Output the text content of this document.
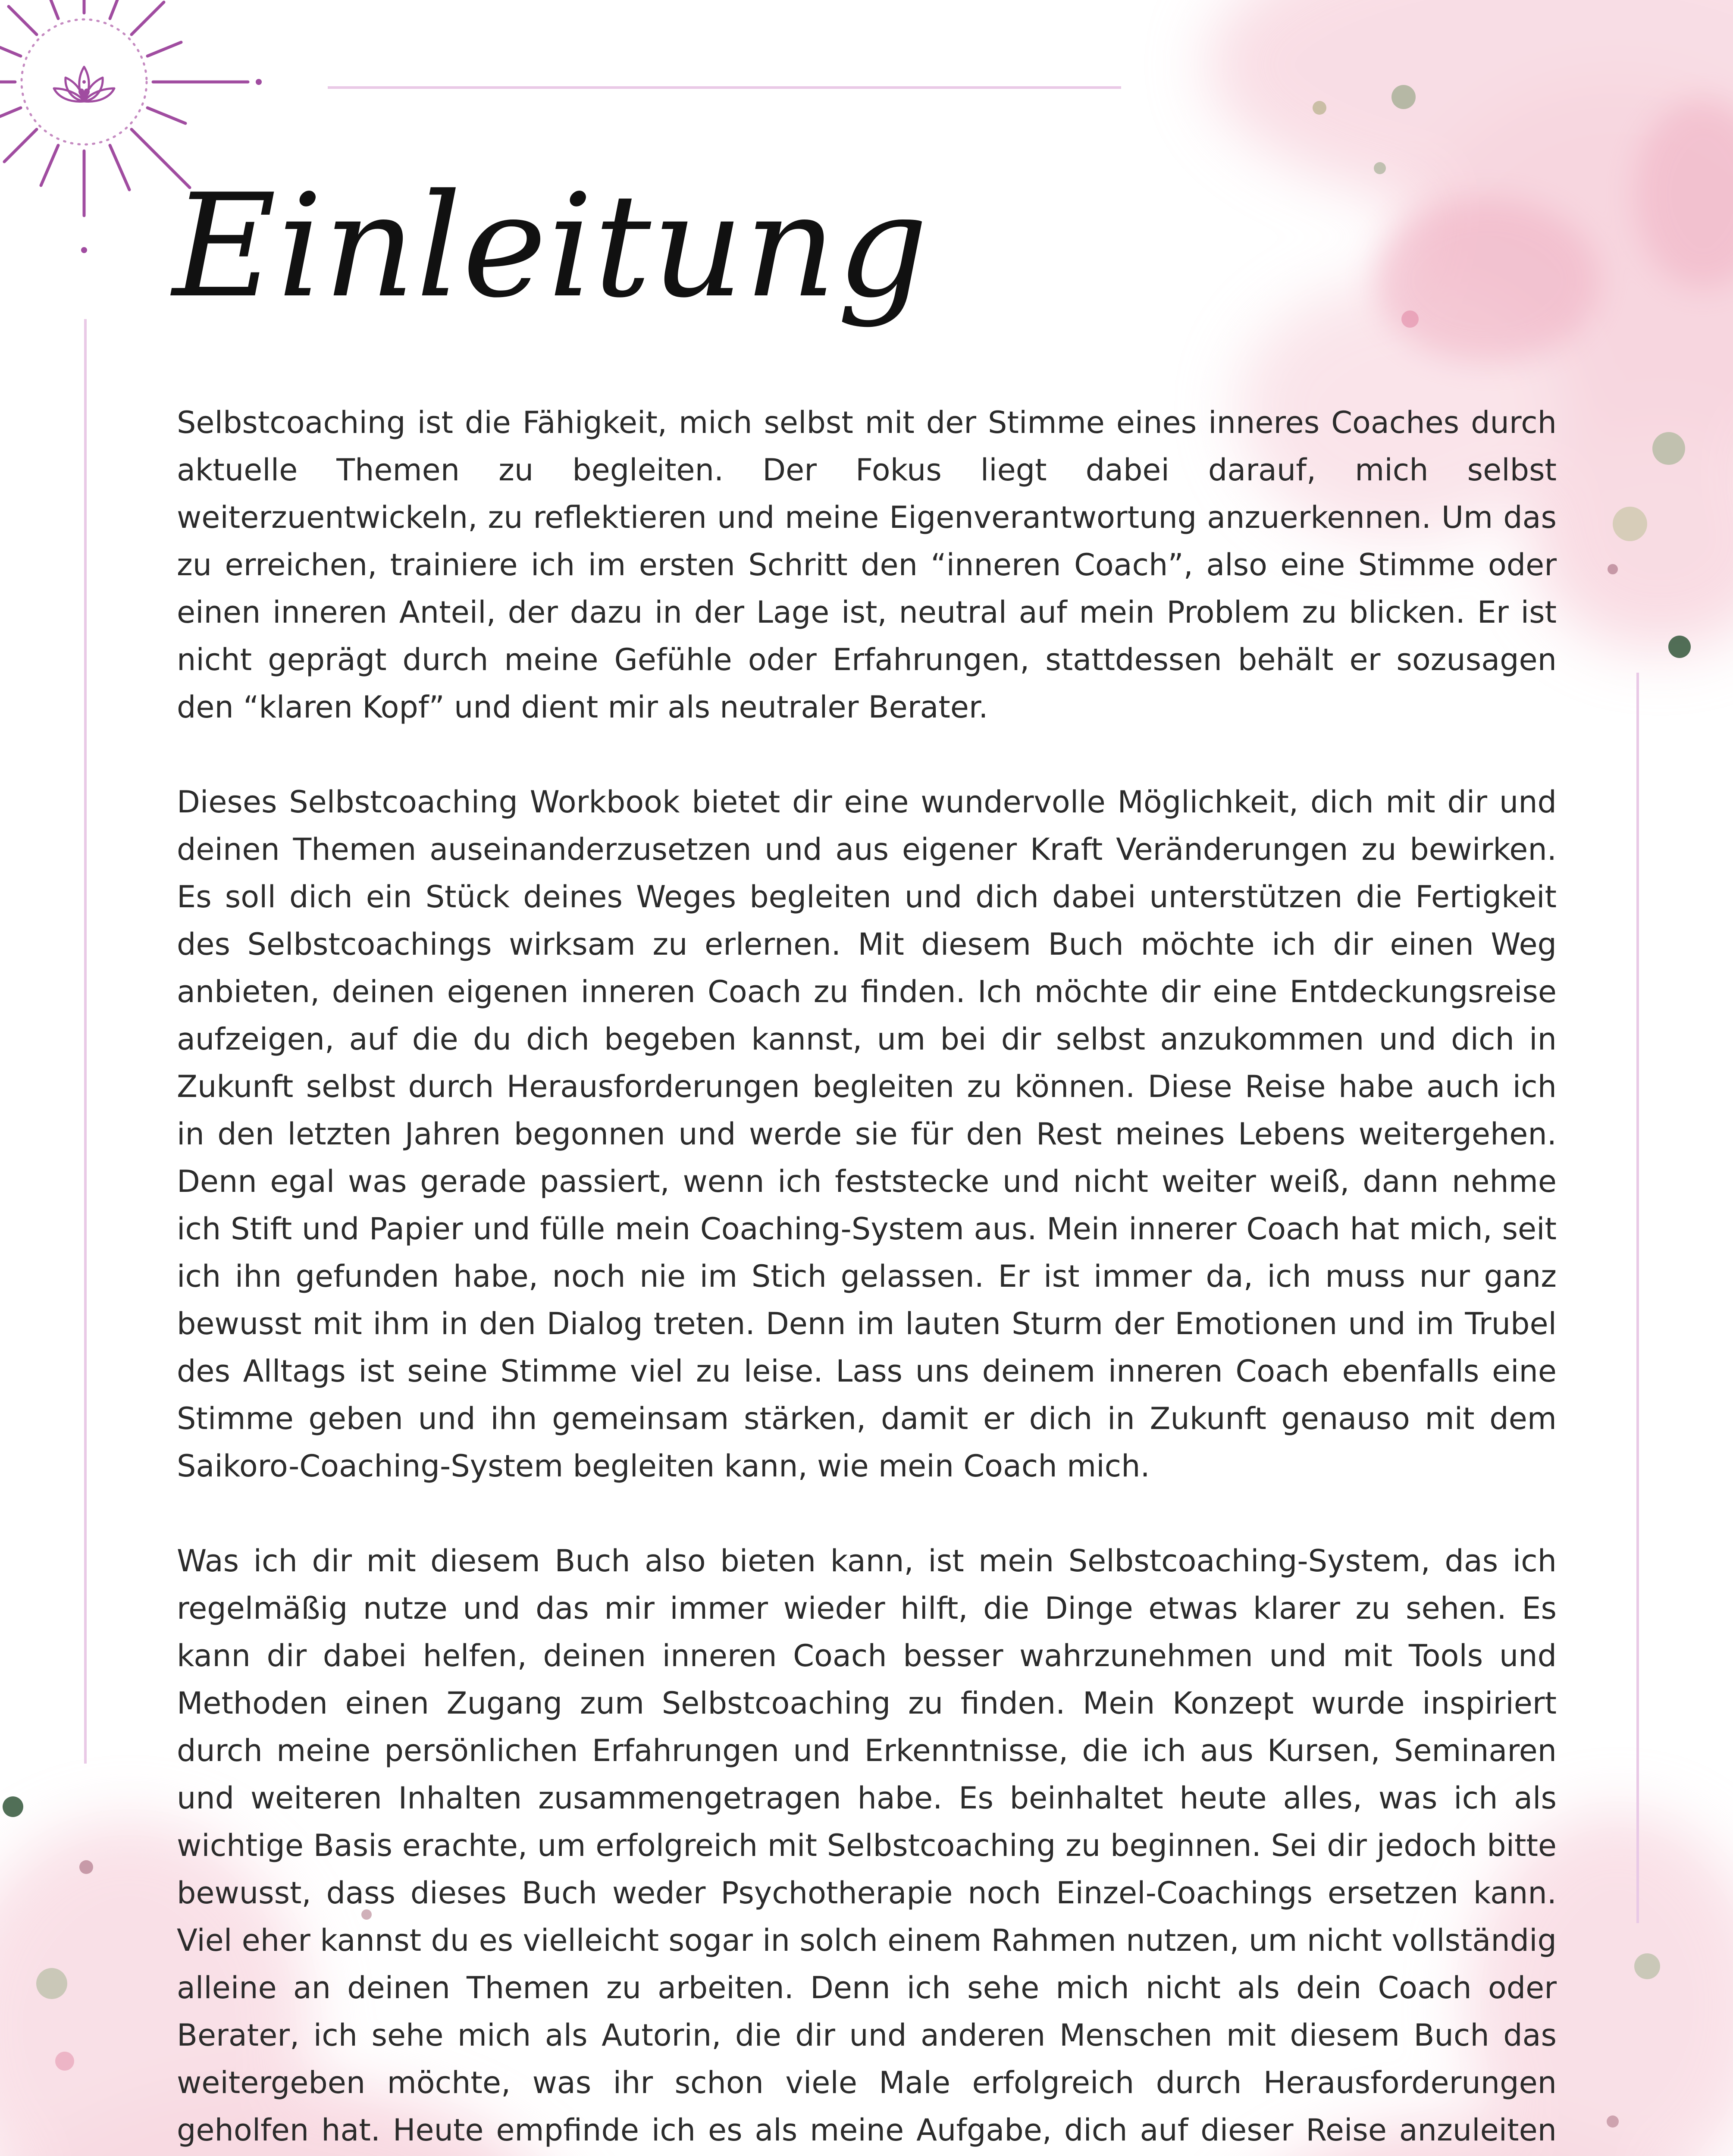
Einleitung

Selbstcoaching ist die Fähigkeit, mich selbst mit der Stimme eines inneres Coaches durch aktuelle Themen zu begleiten. Der Fokus liegt dabei darauf, mich selbst weiterzuentwickeln, zu reflektieren und meine Eigenverantwortung anzuerkennen. Um das zu erreichen, trainiere ich im ersten Schritt den “inneren Coach”, also eine Stimme oder einen inneren Anteil, der dazu in der Lage ist, neutral auf mein Problem zu blicken. Er ist nicht geprägt durch meine Gefühle oder Erfahrungen, stattdessen behält er sozusagen den “klaren Kopf” und dient mir als neutraler Berater.

Dieses Selbstcoaching Workbook bietet dir eine wundervolle Möglichkeit, dich mit dir und deinen Themen auseinanderzusetzen und aus eigener Kraft Veränderungen zu bewirken. Es soll dich ein Stück deines Weges begleiten und dich dabei unterstützen die Fertigkeit des Selbstcoachings wirksam zu erlernen. Mit diesem Buch möchte ich dir einen Weg anbieten, deinen eigenen inneren Coach zu finden. Ich möchte dir eine Entdeckungsreise aufzeigen, auf die du dich begeben kannst, um bei dir selbst anzukommen und dich in Zukunft selbst durch Herausforderungen begleiten zu können. Diese Reise habe auch ich in den letzten Jahren begonnen und werde sie für den Rest meines Lebens weitergehen. Denn egal was gerade passiert, wenn ich feststecke und nicht weiter weiß, dann nehme ich Stift und Papier und fülle mein Coaching-System aus. Mein innerer Coach hat mich, seit ich ihn gefunden habe, noch nie im Stich gelassen. Er ist immer da, ich muss nur ganz bewusst mit ihm in den Dialog treten. Denn im lauten Sturm der Emotionen und im Trubel des Alltags ist seine Stimme viel zu leise. Lass uns deinem inneren Coach ebenfalls eine Stimme geben und ihn gemeinsam stärken, damit er dich in Zukunft genauso mit dem Saikoro-Coaching-System begleiten kann, wie mein Coach mich.

Was ich dir mit diesem Buch also bieten kann, ist mein Selbstcoaching-System, das ich regelmäßig nutze und das mir immer wieder hilft, die Dinge etwas klarer zu sehen. Es kann dir dabei helfen, deinen inneren Coach besser wahrzunehmen und mit Tools und Methoden einen Zugang zum Selbstcoaching zu finden. Mein Konzept wurde inspiriert durch meine persönlichen Erfahrungen und Erkenntnisse, die ich aus Kursen, Seminaren und weiteren Inhalten zusammengetragen habe. Es beinhaltet heute alles, was ich als wichtige Basis erachte, um erfolgreich mit Selbstcoaching zu beginnen. Sei dir jedoch bitte bewusst, dass dieses Buch weder Psychotherapie noch Einzel-Coachings ersetzen kann. Viel eher kannst du es vielleicht sogar in solch einem Rahmen nutzen, um nicht vollständig alleine an deinen Themen zu arbeiten. Denn ich sehe mich nicht als dein Coach oder Berater, ich sehe mich als Autorin, die dir und anderen Menschen mit diesem Buch das weitergeben möchte, was ihr schon viele Male erfolgreich durch Herausforderungen geholfen hat. Heute empfinde ich es als meine Aufgabe, dich auf dieser Reise anzuleiten
